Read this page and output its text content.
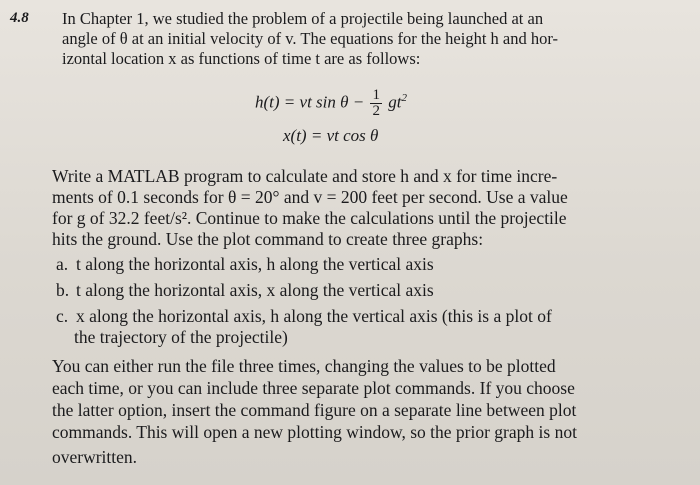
4.8 In Chapter 1, we studied the problem of a projectile being launched at an
angle of θ at an initial velocity of v. The equations for the height h and hor-
izontal location x as functions of time t are as follows:
h(t) = vt $\sin \theta - \frac{1}{2} gt^2$
x(t) = vt cos θ
Write a MATLAB program to calculate and store h and x for time incre-
ments of 0.1 seconds for θ = 20° and v = 200 feet per second. Use a value
for g of 32.2 feet/s². Continue to make the calculations until the projectile
hits the ground. Use the plot command to create three graphs:
a. t along the horizontal axis, h along the vertical axis
b. t along the horizontal axis, x along the vertical axis
c. x along the horizontal axis, h along the vertical axis (this is a plot of
the trajectory of the projectile)
You can either run the file three times, changing the values to be plotted
each time, or you can include three separate plot commands. If you choose
the latter option, insert the command figure on a separate line between plot
commands. This will open a new plotting window, so the prior graph is not
overwritten.
